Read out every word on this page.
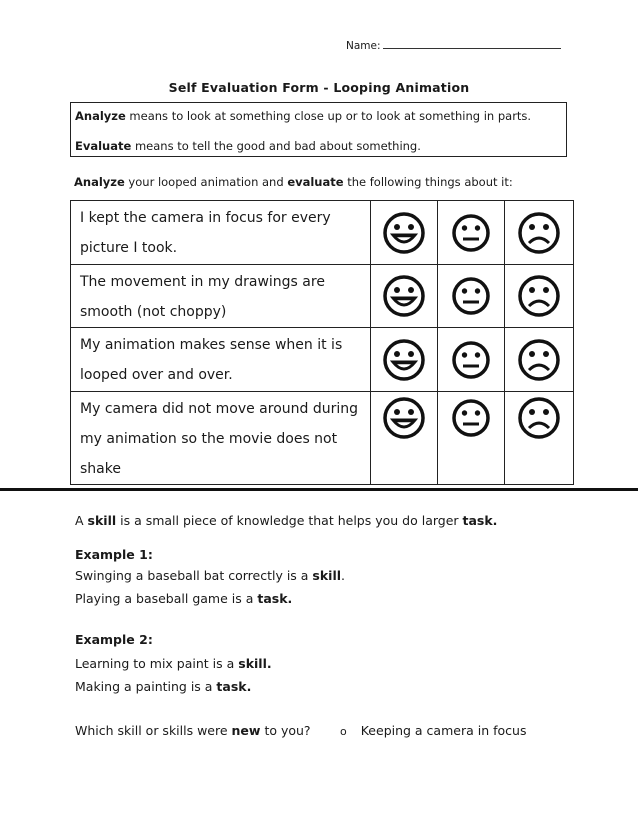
Name:
Self Evaluation Form - Looping Animation
Analyze means to look at something close up or to look at something in parts.
Evaluate means to tell the good and bad about something.
Analyze your looped animation and evaluate the following things about it:
I kept the camera in focus for every
picture I took.

The movement in my drawings are
smooth (not choppy)

My animation makes sense when it is
looped over and over.

My camera did not move around during
my animation so the movie does not
shake

A skill is a small piece of knowledge that helps you do larger task.
Example 1:
Swinging a baseball bat correctly is a skill.
Playing a baseball game is a task.
Example 2:
Learning to mix paint is a skill.
Making a painting is a task.
Which skill or skills were new to you?	o Keeping a camera in focus
